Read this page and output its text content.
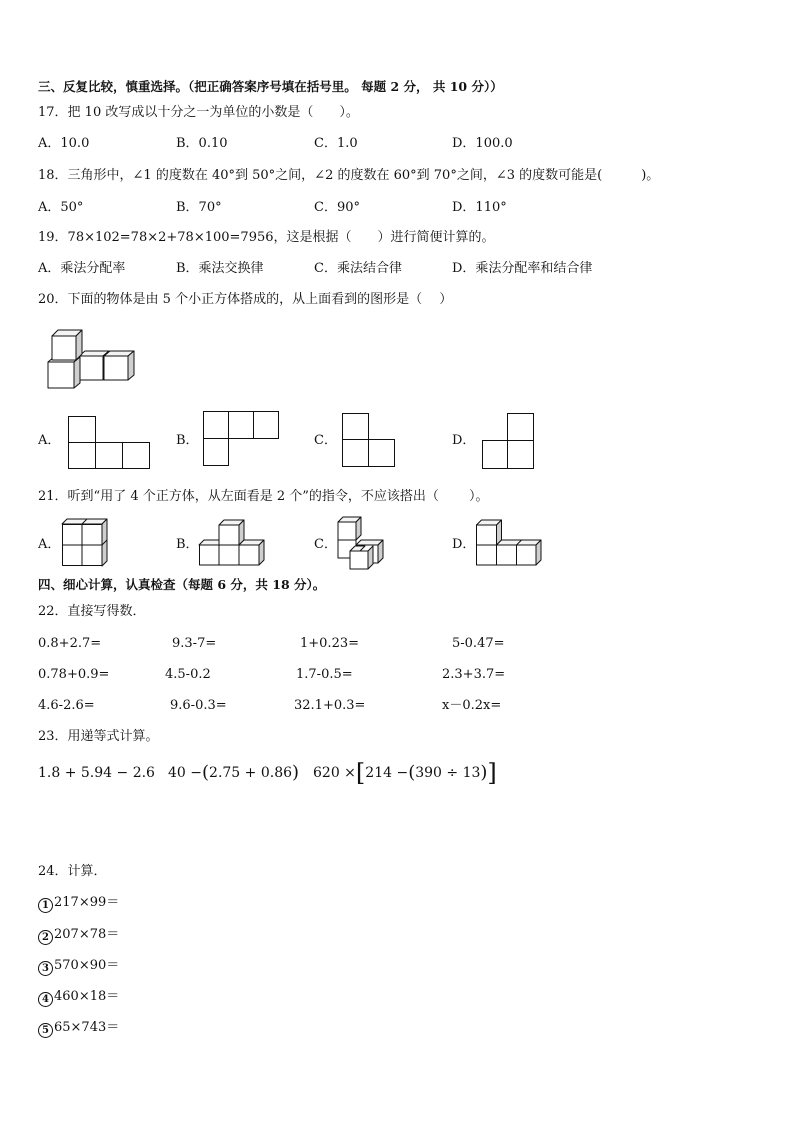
三、反复比较，慎重选择。（把正确答案序号填在括号里。 每题 2 分， 共 10 分））
17．把 10 改写成以十分之一为单位的小数是（　　）。
A．10.0	B．0.10	C．1.0	D．100.0
18．三角形中，∠1 的度数在 40°到 50°之间，∠2 的度数在 60°到 70°之间，∠3 的度数可能是(　　　)。
A．50°	B．70°	C．90°	D．110°
19．78×102=78×2+78×100=7956，这是根据（　　）进行简便计算的。
A．乘法分配率	B．乘法交换律	C．乘法结合律	D．乘法分配率和结合律
20．下面的物体是由 5 个小正方体搭成的，从上面看到的图形是（　 ）
A．	B．	C．	D．
21．听到“用了 4 个正方体，从左面看是 2 个”的指令，不应该搭出（　　 ）。
A．	B．	C．	D．
四、细心计算，认真检查（每题 6 分，共 18 分）。
22．直接写得数．
0.8+2.7=	9.3-7=	1+0.23=	5-0.47=
0.78+0.9=	4.5-0.2	1.7-0.5=	2.3+3.7=
4.6-2.6=	9.6-0.3=	32.1+0.3=	x－0.2x=
23．用递等式计算。
1.8 + 5.94 − 2.6 40 −(2.75 + 0.86) 620 ×[214 −(390 ÷ 13)]
24．计算．
1 217×99＝
2 207×78＝
3 570×90＝
4 460×18＝
5 65×743＝
